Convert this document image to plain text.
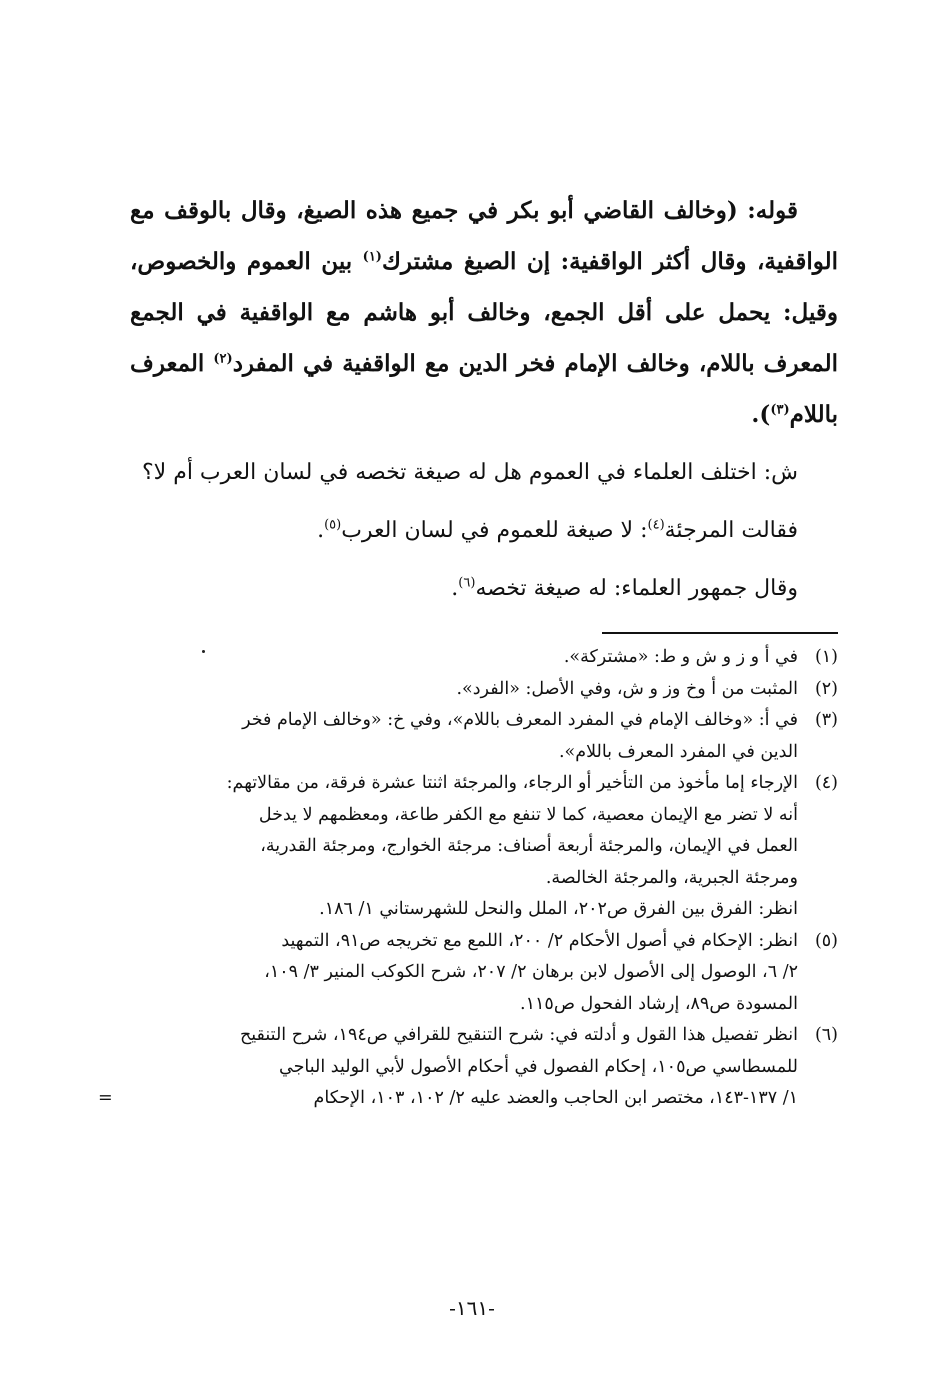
قوله: (وخالف القاضي أبو بكر في جميع هذه الصيغ، وقال بالوقف مع الواقفية، وقال أكثر الواقفية: إن الصيغ مشترك$^{(١)}$ بين العموم والخصوص، وقيل: يحمل على أقل الجمع، وخالف أبو هاشم مع الواقفية في الجمع المعرف باللام، وخالف الإمام فخر الدين مع الواقفية في المفرد$^{(٢)}$ المعرف باللام$^{(٣)}$).

ش: اختلف العلماء في العموم هل له صيغة تخصه في لسان العرب أم لا؟

فقالت المرجئة$^{(٤)}$: لا صيغة للعموم في لسان العرب$^{(٥)}$.

وقال جمهور العلماء: له صيغة تخصه$^{(٦)}$.

(١)
في أ و ز و ش و ط: «مشتركة».
(٢)
المثبت من أ وخ وز و ش، وفي الأصل: «الفرد».
(٣)
في أ: «وخالف الإمام في المفرد المعرف باللام»، وفي خ: «وخالف الإمام فخر
الدين في المفرد المعرف باللام».
(٤)
الإرجاء إما مأخوذ من التأخير أو الرجاء، والمرجئة اثنتا عشرة فرقة، من مقالاتهم:
أنه لا تضر مع الإيمان معصية، كما لا تنفع مع الكفر طاعة، ومعظمهم لا يدخل
العمل في الإيمان، والمرجئة أربعة أصناف: مرجئة الخوارج، ومرجئة القدرية،
ومرجئة الجبرية، والمرجئة الخالصة.
انظر: الفرق بين الفرق ص٢٠٢، الملل والنحل للشهرستاني ١/ ١٨٦.
(٥)
انظر: الإحكام في أصول الأحكام ٢/ ٢٠٠، اللمع مع تخريجه ص٩١، التمهيد
٢/ ٦، الوصول إلى الأصول لابن برهان ٢/ ٢٠٧، شرح الكوكب المنير ٣/ ١٠٩،
المسودة ص٨٩، إرشاد الفحول ص١١٥.
(٦)
انظر تفصيل هذا القول و أدلته في: شرح التنقيح للقرافي ص١٩٤، شرح التنقيح
للمسطاسي ص١٠٥، إحكام الفصول في أحكام الأصول لأبي الوليد الباجي
١/ ١٣٧-١٤٣، مختصر ابن الحاجب والعضد عليه ٢/ ١٠٢، ١٠٣، الإحكام
=
-١٦١-
